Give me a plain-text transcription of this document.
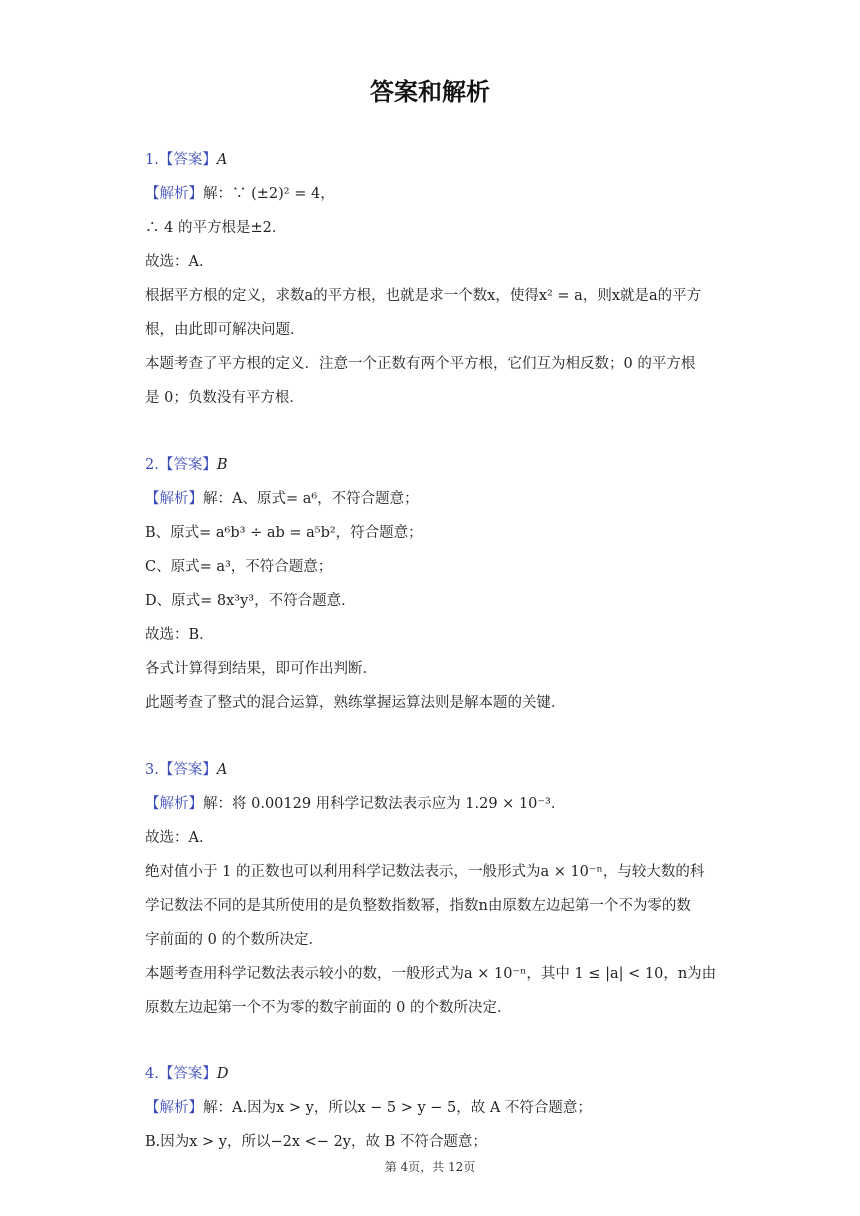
答案和解析
1.【答案】A
【解析】解：∵ (±2)² = 4，
∴ 4 的平方根是±2．
故选：A．
根据平方根的定义，求数a的平方根，也就是求一个数x，使得x² = a，则x就是a的平方
根，由此即可解决问题．
本题考查了平方根的定义．注意一个正数有两个平方根，它们互为相反数；0 的平方根
是 0；负数没有平方根．
2.【答案】B
【解析】解：A、原式= a⁶，不符合题意；
B、原式= a⁶b³ ÷ ab = a⁵b²，符合题意；
C、原式= a³，不符合题意；
D、原式= 8x³y³，不符合题意．
故选：B．
各式计算得到结果，即可作出判断．
此题考查了整式的混合运算，熟练掌握运算法则是解本题的关键．
3.【答案】A
【解析】解：将 0.00129 用科学记数法表示应为 1.29 × 10⁻³．
故选：A．
绝对值小于 1 的正数也可以利用科学记数法表示，一般形式为a × 10⁻ⁿ，与较大数的科
学记数法不同的是其所使用的是负整数指数幂，指数n由原数左边起第一个不为零的数
字前面的 0 的个数所决定．
本题考查用科学记数法表示较小的数，一般形式为a × 10⁻ⁿ，其中 1 ≤ |a| < 10，n为由
原数左边起第一个不为零的数字前面的 0 的个数所决定．
4.【答案】D
【解析】解：A.因为x > y，所以x − 5 > y − 5，故 A 不符合题意；
B.因为x > y，所以−2x <− 2y，故 B 不符合题意；
第 4页，共 12页
